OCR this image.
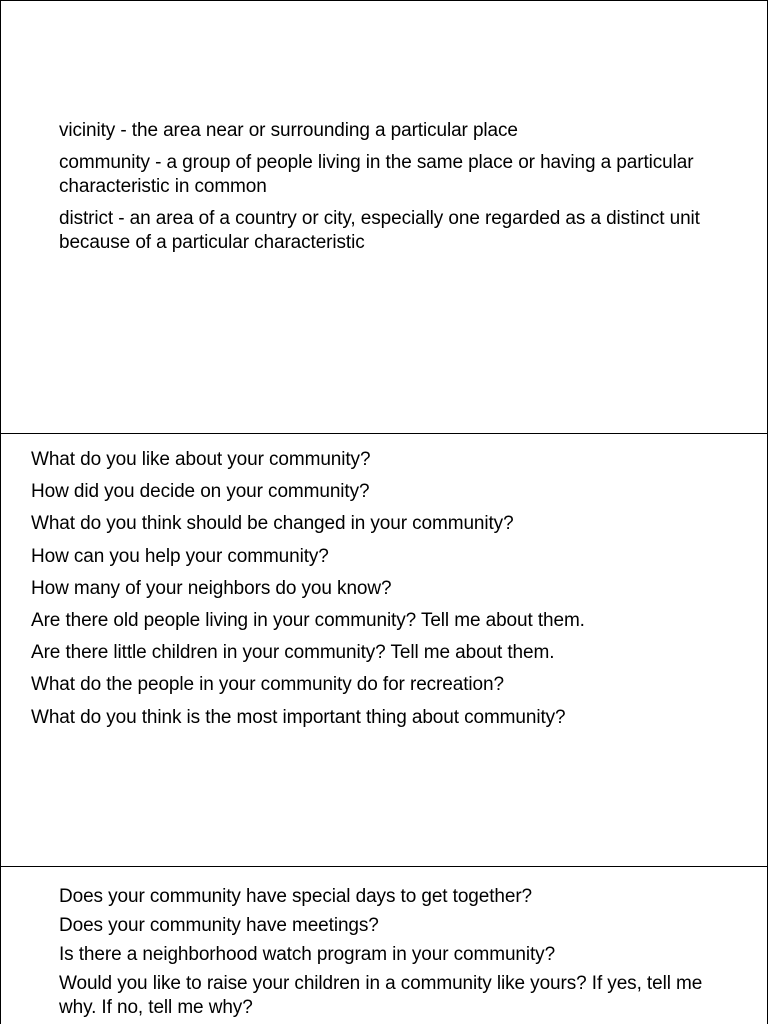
vicinity - the area near or surrounding a particular place

community - a group of people living in the same place or having a particular characteristic in common

district - an area of a country or city, especially one regarded as a distinct unit because of a particular characteristic

What do you like about your community?
How did you decide on your community?
What do you think should be changed in your community?
How can you help your community?
How many of your neighbors do you know?
Are there old people living in your community? Tell me about them.
Are there little children in your community? Tell me about them.
What do the people in your community do for recreation?
What do you think is the most important thing about community?
Does your community have special days to get together?
Does your community have meetings?
Is there a neighborhood watch program in your community?
Would you like to raise your children in a community like yours? If yes, tell me why. If no, tell me why?
